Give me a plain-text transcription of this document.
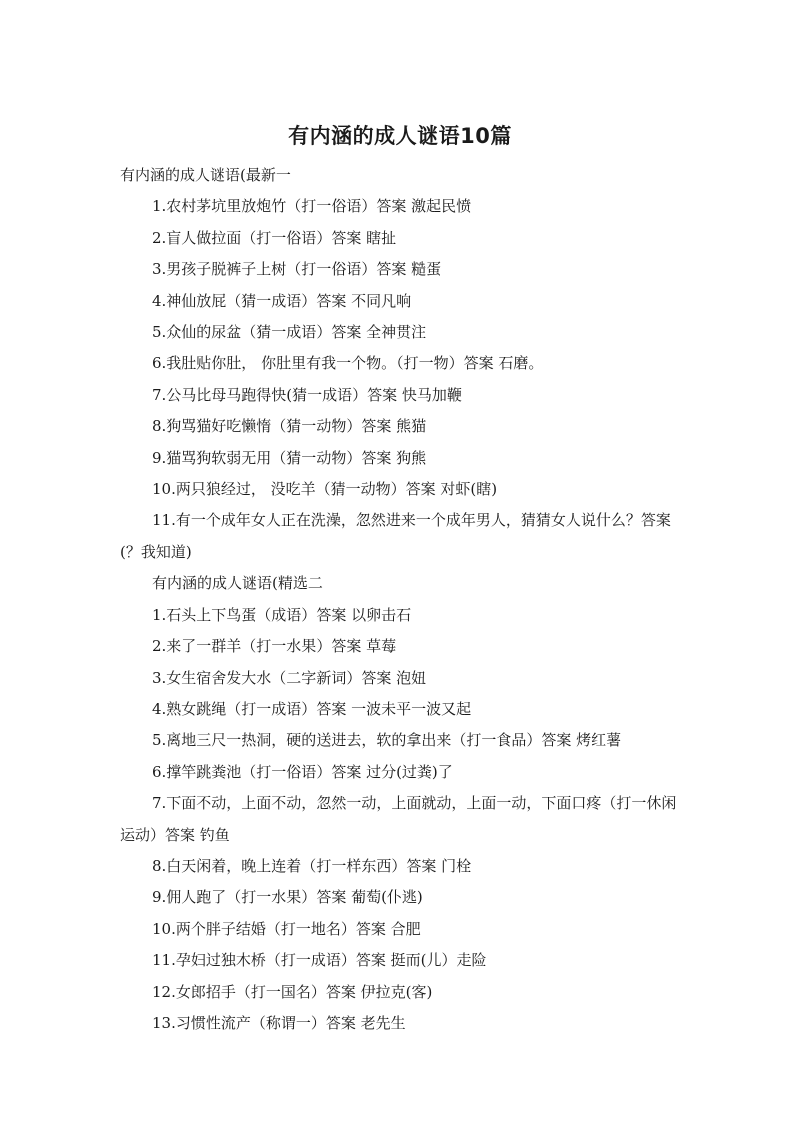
有内涵的成人谜语10篇
有内涵的成人谜语(最新一
1.农村茅坑里放炮竹（打一俗语）答案 激起民愤
2.盲人做拉面（打一俗语）答案 瞎扯
3.男孩子脱裤子上树（打一俗语）答案 糙蛋
4.神仙放屁（猜一成语）答案 不同凡响
5.众仙的尿盆（猜一成语）答案 全神贯注
6.我肚贴你肚， 你肚里有我一个物。（打一物）答案 石磨。
7.公马比母马跑得快(猜一成语）答案 快马加鞭
8.狗骂猫好吃懒惰（猜一动物）答案 熊猫
9.猫骂狗软弱无用（猜一动物）答案 狗熊
10.两只狼经过， 没吃羊（猜一动物）答案 对虾(瞎)
11.有一个成年女人正在洗澡，忽然进来一个成年男人，猜猜女人说什么？答案(？我知道)
有内涵的成人谜语(精选二
1.石头上下鸟蛋（成语）答案 以卵击石
2.来了一群羊（打一水果）答案 草莓
3.女生宿舍发大水（二字新词）答案 泡妞
4.熟女跳绳（打一成语）答案 一波未平一波又起
5.离地三尺一热洞，硬的送进去，软的拿出来（打一食品）答案 烤红薯
6.撑竿跳粪池（打一俗语）答案 过分(过粪)了
7.下面不动，上面不动，忽然一动，上面就动，上面一动，下面口疼（打一休闲运动）答案 钓鱼
8.白天闲着，晚上连着（打一样东西）答案 门栓
9.佣人跑了（打一水果）答案 葡萄(仆逃)
10.两个胖子结婚（打一地名）答案 合肥
11.孕妇过独木桥（打一成语）答案 挺而(儿）走险
12.女郎招手（打一国名）答案 伊拉克(客)
13.习惯性流产（称谓一）答案 老先生
